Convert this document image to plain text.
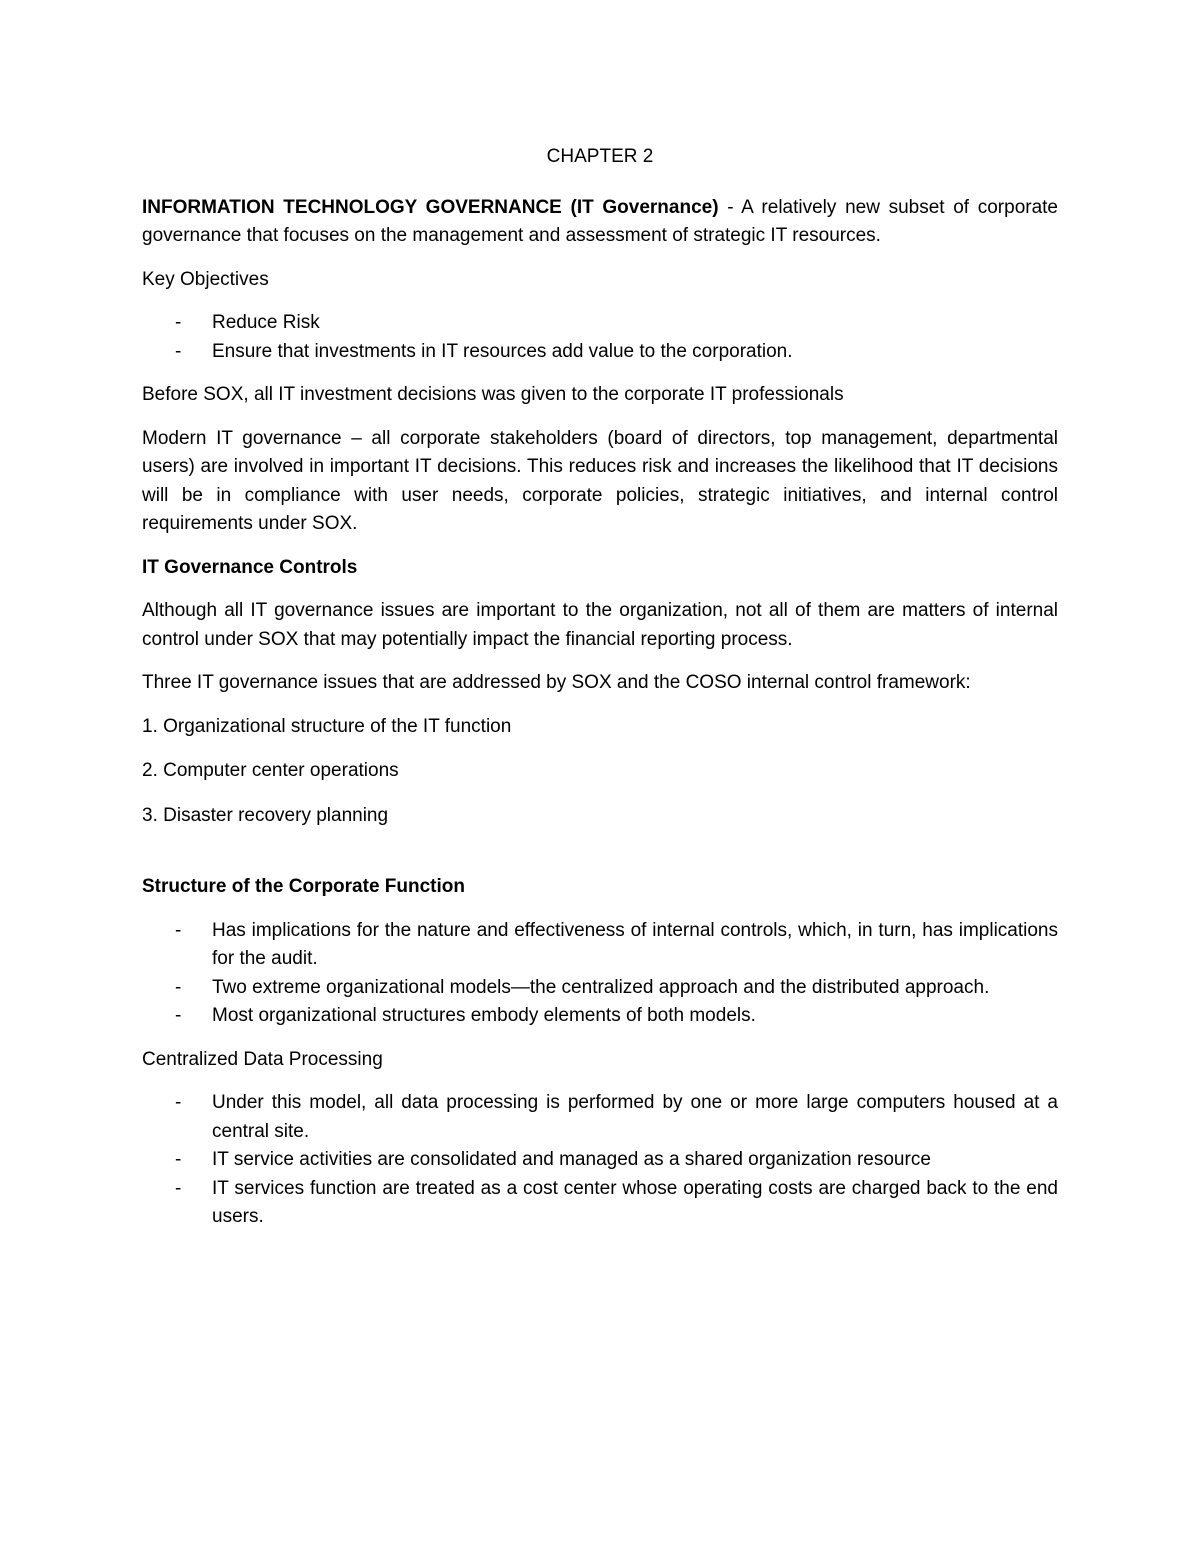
CHAPTER 2

INFORMATION TECHNOLOGY GOVERNANCE (IT Governance) - A relatively new subset of corporate governance that focuses on the management and assessment of strategic IT resources.

Key Objectives

- Reduce Risk
- Ensure that investments in IT resources add value to the corporation.

Before SOX, all IT investment decisions was given to the corporate IT professionals

Modern IT governance – all corporate stakeholders (board of directors, top management, departmental users) are involved in important IT decisions. This reduces risk and increases the likelihood that IT decisions will be in compliance with user needs, corporate policies, strategic initiatives, and internal control requirements under SOX.

IT Governance Controls

Although all IT governance issues are important to the organization, not all of them are matters of internal control under SOX that may potentially impact the financial reporting process.

Three IT governance issues that are addressed by SOX and the COSO internal control framework:

1. Organizational structure of the IT function

2. Computer center operations

3. Disaster recovery planning

Structure of the Corporate Function

- Has implications for the nature and effectiveness of internal controls, which, in turn, has implications for the audit.
- Two extreme organizational models—the centralized approach and the distributed approach.
- Most organizational structures embody elements of both models.

Centralized Data Processing

- Under this model, all data processing is performed by one or more large computers housed at a central site.
- IT service activities are consolidated and managed as a shared organization resource
- IT services function are treated as a cost center whose operating costs are charged back to the end users.
